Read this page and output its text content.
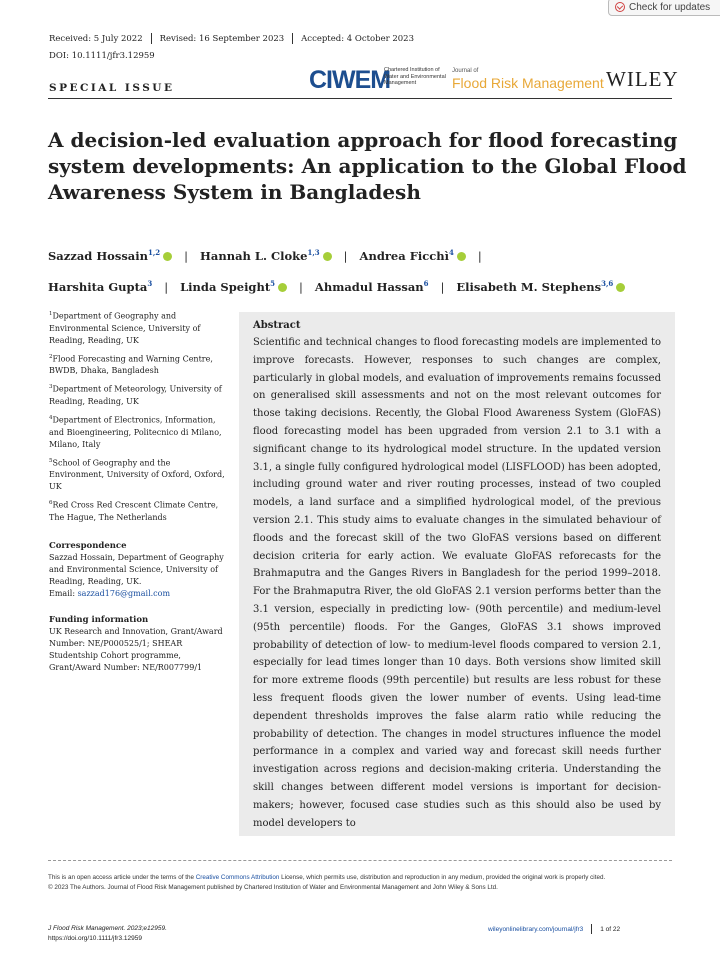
Check for updates
Received: 5 July 2022 Revised: 16 September 2023 Accepted: 4 October 2023
DOI: 10.1111/jfr3.12959
SPECIAL ISSUE	CIWEM
Chartered Institution of Water and Environmental Management
Journal of
Flood Risk Management WILEY
A decision-led evaluation approach for flood forecasting system developments: An application to the Global Flood Awareness System in Bangladesh
Sazzad Hossain$^{1,2}$ | Hannah L. Cloke$^{1,3}$ | Andrea Ficchì$^4$ |
Harshita Gupta$^3$ | Linda Speight$^5$ | Ahmadul Hassan$^6$ | Elisabeth M. Stephens$^{3,6}$
$^1$Department of Geography and Environmental Science, University of Reading, Reading, UK
$^2$Flood Forecasting and Warning Centre, BWDB, Dhaka, Bangladesh
$^3$Department of Meteorology, University of Reading, Reading, UK
$^4$Department of Electronics, Information, and Bioengineering, Politecnico di Milano, Milano, Italy
$^5$School of Geography and the Environment, University of Oxford, Oxford, UK
$^6$Red Cross Red Crescent Climate Centre, The Hague, The Netherlands
Correspondence
Sazzad Hossain, Department of Geography and Environmental Science, University of Reading, Reading, UK.
Email: sazzad176@gmail.com
Funding information
UK Research and Innovation, Grant/Award Number: NE/P000525/1; SHEAR Studentship Cohort programme, Grant/Award Number: NE/R007799/1
Abstract
Scientific and technical changes to flood forecasting models are implemented to improve forecasts. However, responses to such changes are complex, particularly in global models, and evaluation of improvements remains focussed on generalised skill assessments and not on the most relevant outcomes for those taking decisions. Recently, the Global Flood Awareness System (GloFAS) flood forecasting model has been upgraded from version 2.1 to 3.1 with a significant change to its hydrological model structure. In the updated version 3.1, a single fully configured hydrological model (LISFLOOD) has been adopted, including ground water and river routing processes, instead of two coupled models, a land surface and a simplified hydrological model, of the previous version 2.1. This study aims to evaluate changes in the simulated behaviour of floods and the forecast skill of the two GloFAS versions based on different decision criteria for early action. We evaluate GloFAS reforecasts for the Brahmaputra and the Ganges Rivers in Bangladesh for the period 1999–2018. For the Brahmaputra River, the old GloFAS 2.1 version performs better than the 3.1 version, especially in predicting low- (90th percentile) and medium-level (95th percentile) floods. For the Ganges, GloFAS 3.1 shows improved probability of detection of low- to medium-level floods compared to version 2.1, especially for lead times longer than 10 days. Both versions show limited skill for more extreme floods (99th percentile) but results are less robust for these less frequent floods given the lower number of events. Using lead-time dependent thresholds improves the false alarm ratio while reducing the probability of detection. The changes in model structures influence the model performance in a complex and varied way and forecast skill needs further investigation across regions and decision-making criteria. Understanding the skill changes between different model versions is important for decision-makers; however, focused case studies such as this should also be used by model developers to
This is an open access article under the terms of the Creative Commons Attribution License, which permits use, distribution and reproduction in any medium, provided the original work is properly cited.
© 2023 The Authors. Journal of Flood Risk Management published by Chartered Institution of Water and Environmental Management and John Wiley & Sons Ltd.
J Flood Risk Management. 2023;e12959.
https://doi.org/10.1111/jfr3.12959
wileyonlinelibrary.com/journal/jfr3	1 of 22
